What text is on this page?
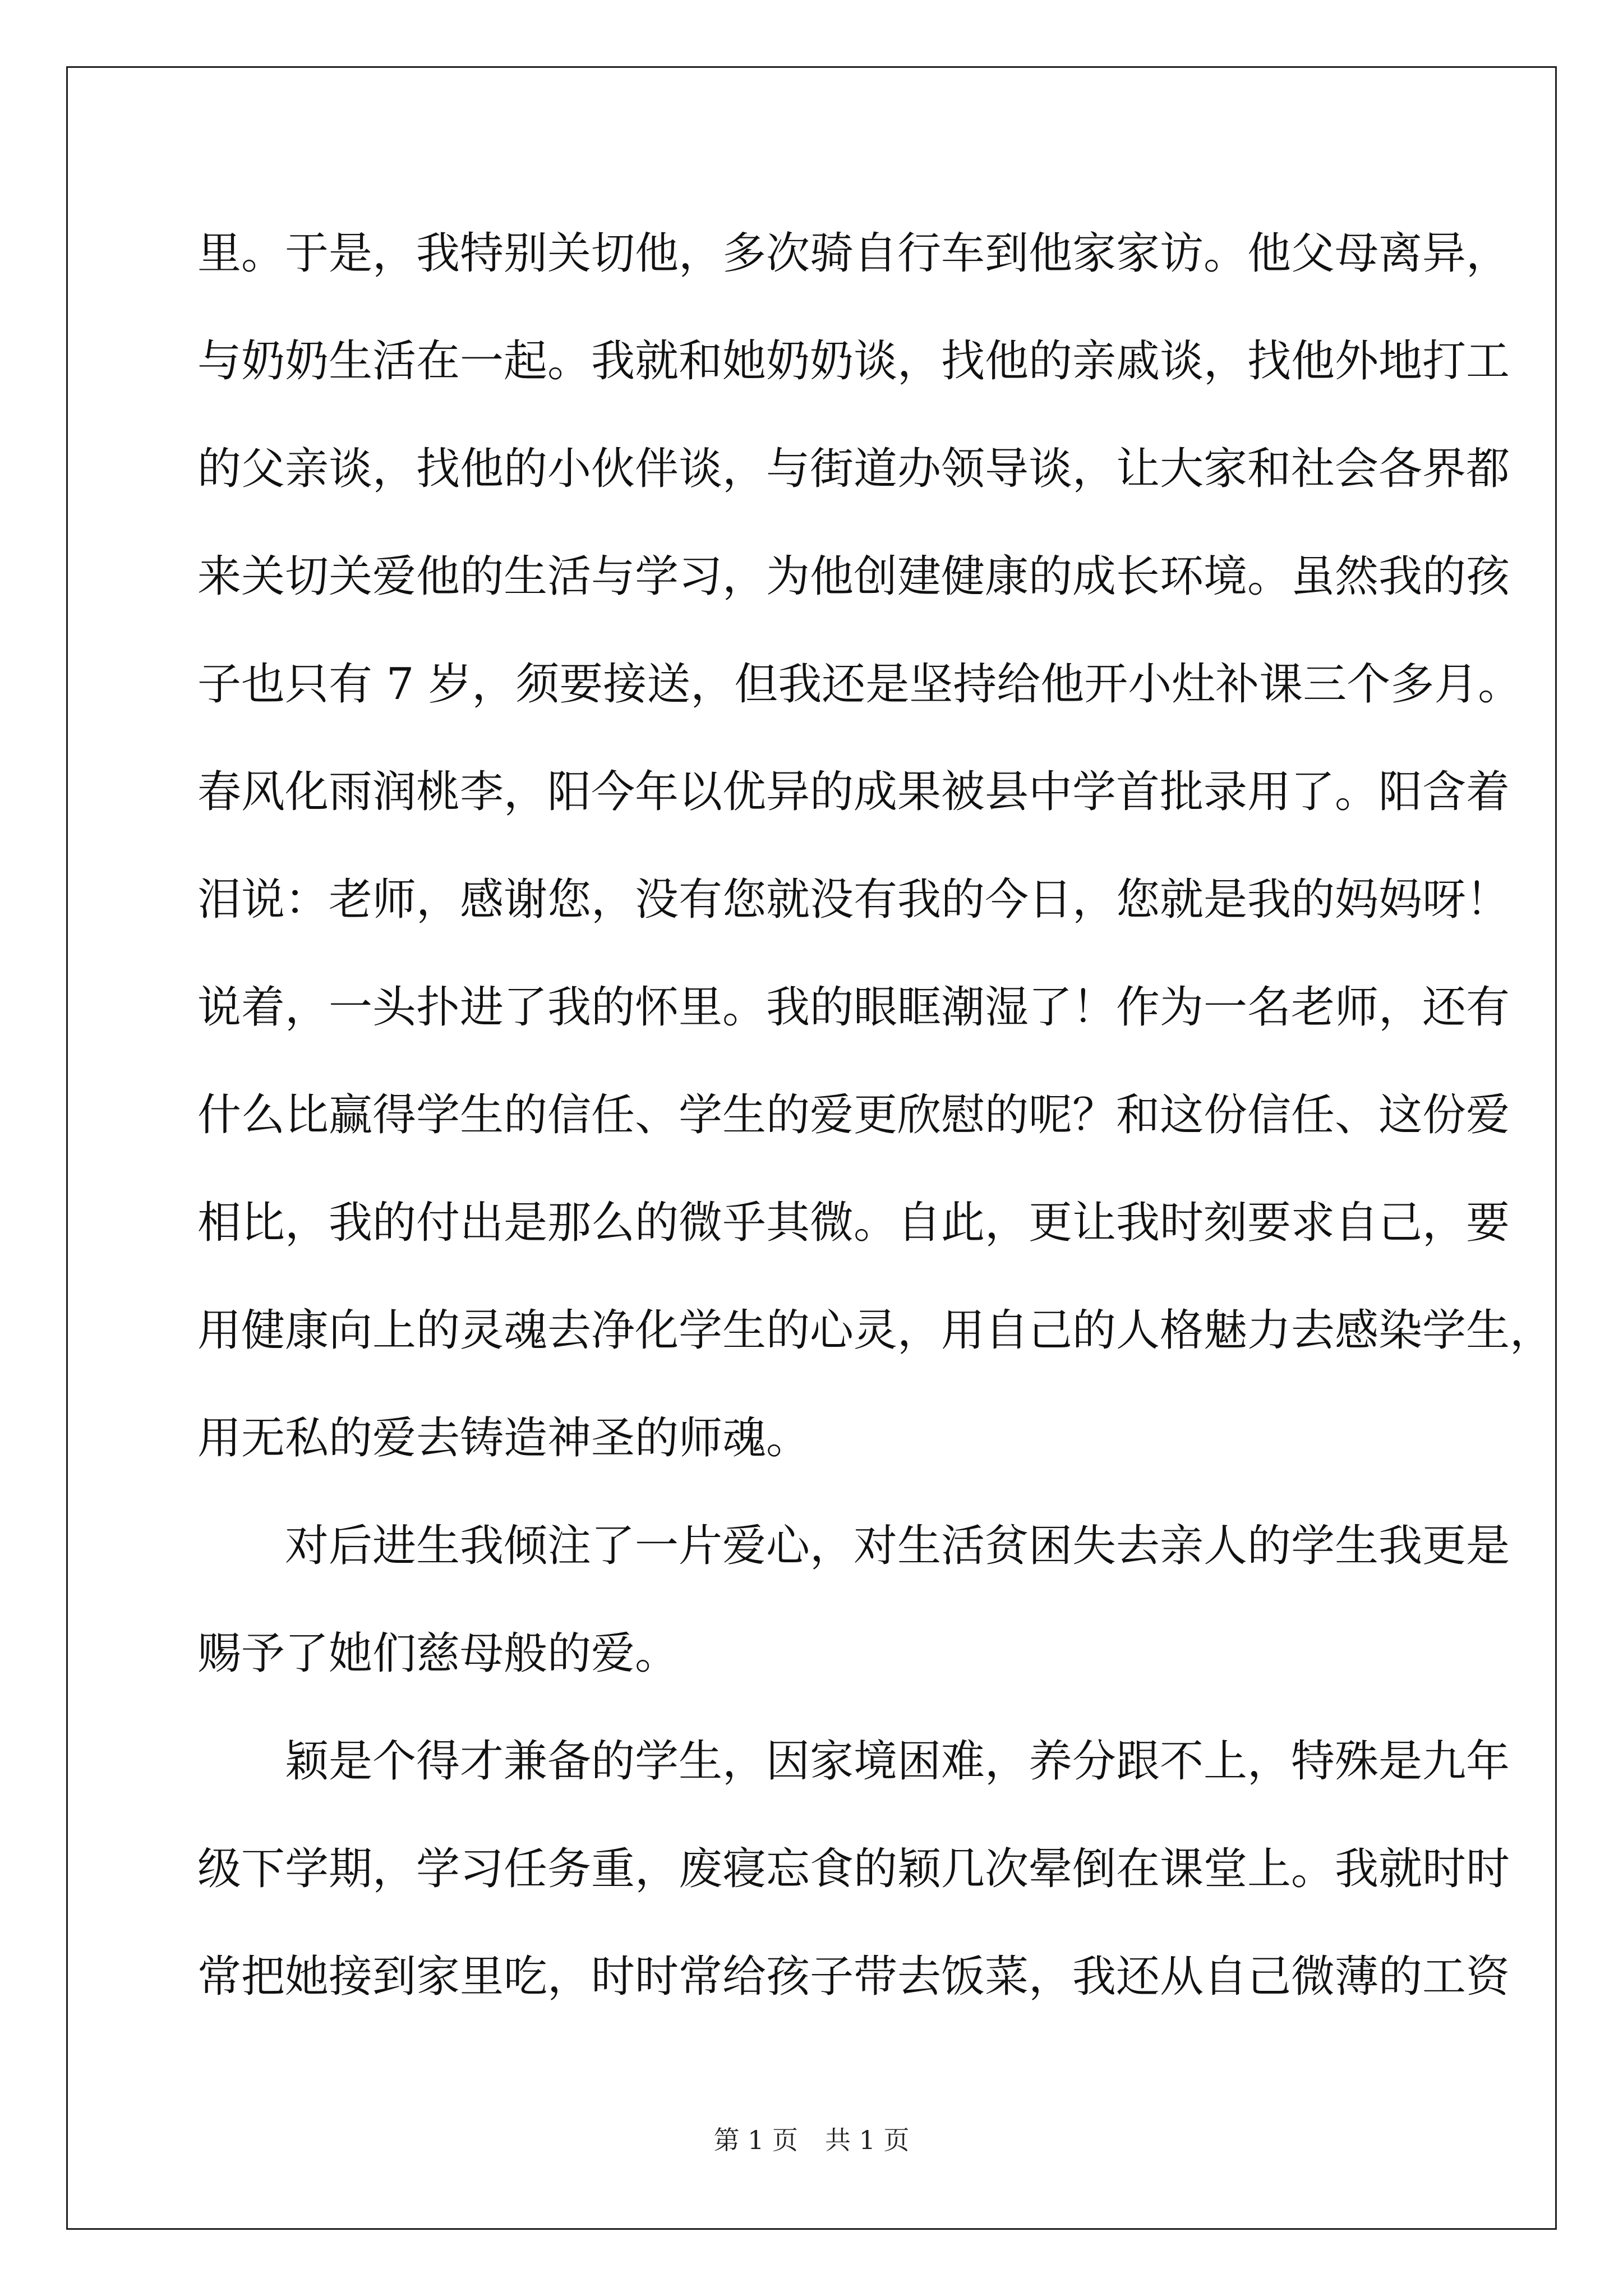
里。于是，我特别关切他，多次骑自行车到他家家访。他父母离异，
与奶奶生活在一起。我就和她奶奶谈，找他的亲戚谈，找他外地打工
的父亲谈，找他的小伙伴谈，与街道办领导谈，让大家和社会各界都
来关切关爱他的生活与学习，为他创建健康的成长环境。虽然我的孩
子也只有 7 岁，须要接送，但我还是坚持给他开小灶补课三个多月。
春风化雨润桃李，阳今年以优异的成果被县中学首批录用了。阳含着
泪说：老师，感谢您，没有您就没有我的今日，您就是我的妈妈呀！
说着，一头扑进了我的怀里。我的眼眶潮湿了！作为一名老师，还有
什么比赢得学生的信任、学生的爱更欣慰的呢？和这份信任、这份爱
相比，我的付出是那么的微乎其微。自此，更让我时刻要求自己，要
用健康向上的灵魂去净化学生的心灵，用自己的人格魅力去感染学生，
用无私的爱去铸造神圣的师魂。
　　对后进生我倾注了一片爱心，对生活贫困失去亲人的学生我更是
赐予了她们慈母般的爱。
　　颖是个得才兼备的学生，因家境困难，养分跟不上，特殊是九年
级下学期，学习任务重，废寝忘食的颖几次晕倒在课堂上。我就时时
常把她接到家里吃，时时常给孩子带去饭菜，我还从自己微薄的工资
第 1 页 共 1 页
